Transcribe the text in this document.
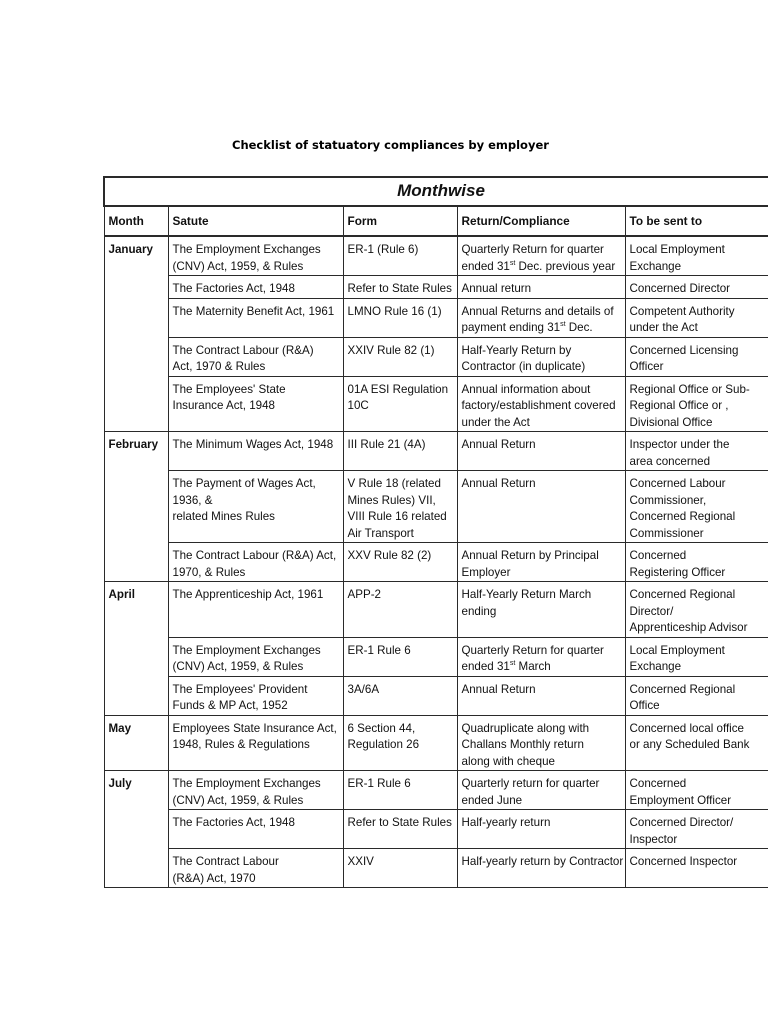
Checklist of statuatory compliances by employer
Monthwise				
Month	Satute	Form	Return/Compliance	To be sent to
January	The Employment Exchanges
(CNV) Act, 1959, & Rules	ER-1 (Rule 6)	Quarterly Return for quarter
ended 31st Dec. previous year	Local Employment
Exchange

	The Factories Act, 1948	Refer to State Rules	Annual return	Concerned Director

	The Maternity Benefit Act, 1961	LMNO Rule 16 (1)	Annual Returns and details of
payment ending 31st Dec.	Competent Authority
under the Act

	The Contract Labour (R&A)
Act, 1970 & Rules	XXIV Rule 82 (1)	Half-Yearly Return by
Contractor (in duplicate)	Concerned Licensing
Officer

	The Employees' State
Insurance Act, 1948	01A ESI Regulation
10C	Annual information about
factory/establishment covered
under the Act	Regional Office or Sub-
Regional Office or ,
Divisional Office

February	The Minimum Wages Act, 1948	III Rule 21 (4A)	Annual Return	Inspector under the
area concerned

	The Payment of Wages Act,
1936, &
related Mines Rules	V Rule 18 (related
Mines Rules) VII,
VIII Rule 16 related
Air Transport	Annual Return	Concerned Labour
Commissioner,
Concerned Regional
Commissioner

	The Contract Labour (R&A) Act,
1970, & Rules	XXV Rule 82 (2)	Annual Return by Principal
Employer	Concerned
Registering Officer

April	The Apprenticeship Act, 1961	APP-2	Half-Yearly Return March
ending	Concerned Regional
Director/
Apprenticeship Advisor

	The Employment Exchanges
(CNV) Act, 1959, & Rules	ER-1 Rule 6	Quarterly Return for quarter
ended 31st March	Local Employment
Exchange

	The Employees' Provident
Funds & MP Act, 1952	3A/6A	Annual Return	Concerned Regional
Office

May	Employees State Insurance Act,
1948, Rules & Regulations	6 Section 44,
Regulation 26	Quadruplicate along with
Challans Monthly return
along with cheque	Concerned local office
or any Scheduled Bank

July	The Employment Exchanges
(CNV) Act, 1959, & Rules	ER-1 Rule 6	Quarterly return for quarter
ended June	Concerned
Employment Officer

	The Factories Act, 1948	Refer to State Rules	Half-yearly return	Concerned Director/
Inspector

	The Contract Labour
(R&A) Act, 1970	XXIV	Half-yearly return by Contractor	Concerned Inspector
